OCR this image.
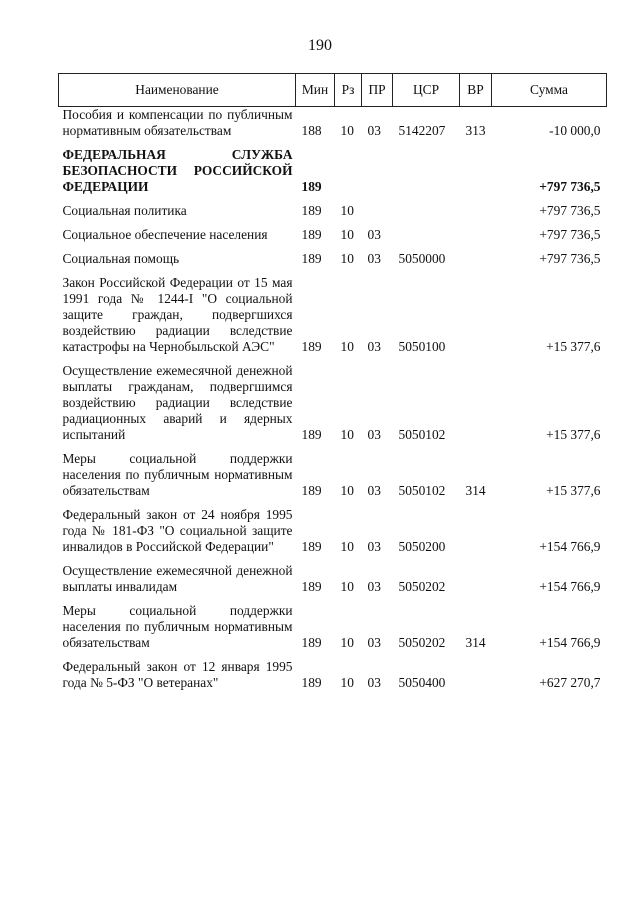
190
Наименование	Мин	Рз	ПР	ЦСР	ВР	Сумма
Пособия и компенсации по публичным нормативным обязательствам	188	10	03	5142207	313	-10 000,0
ФЕДЕРАЛЬНАЯ СЛУЖБА БЕЗОПАСНОСТИ РОССИЙСКОЙ ФЕДЕРАЦИИ	189					+797 736,5
Социальная политика	189	10				+797 736,5
Социальное обеспечение населения	189	10	03			+797 736,5
Социальная помощь	189	10	03	5050000		+797 736,5
Закон Российской Федерации от 15 мая 1991 года № 1244-I "О социальной защите граждан, подвергшихся воздействию радиации вследствие катастрофы на Чернобыльской АЭС"	189	10	03	5050100		+15 377,6
Осуществление ежемесячной денежной выплаты гражданам, подвергшимся воздействию радиации вследствие радиационных аварий и ядерных испытаний	189	10	03	5050102		+15 377,6
Меры социальной поддержки населения по публичным нормативным обязательствам	189	10	03	5050102	314	+15 377,6
Федеральный закон от 24 ноября 1995 года № 181-ФЗ "О социальной защите инвалидов в Российской Федерации"	189	10	03	5050200		+154 766,9
Осуществление ежемесячной денежной выплаты инвалидам	189	10	03	5050202		+154 766,9
Меры социальной поддержки населения по публичным нормативным обязательствам	189	10	03	5050202	314	+154 766,9
Федеральный закон от 12 января 1995 года № 5-ФЗ "О ветеранах"	189	10	03	5050400		+627 270,7
